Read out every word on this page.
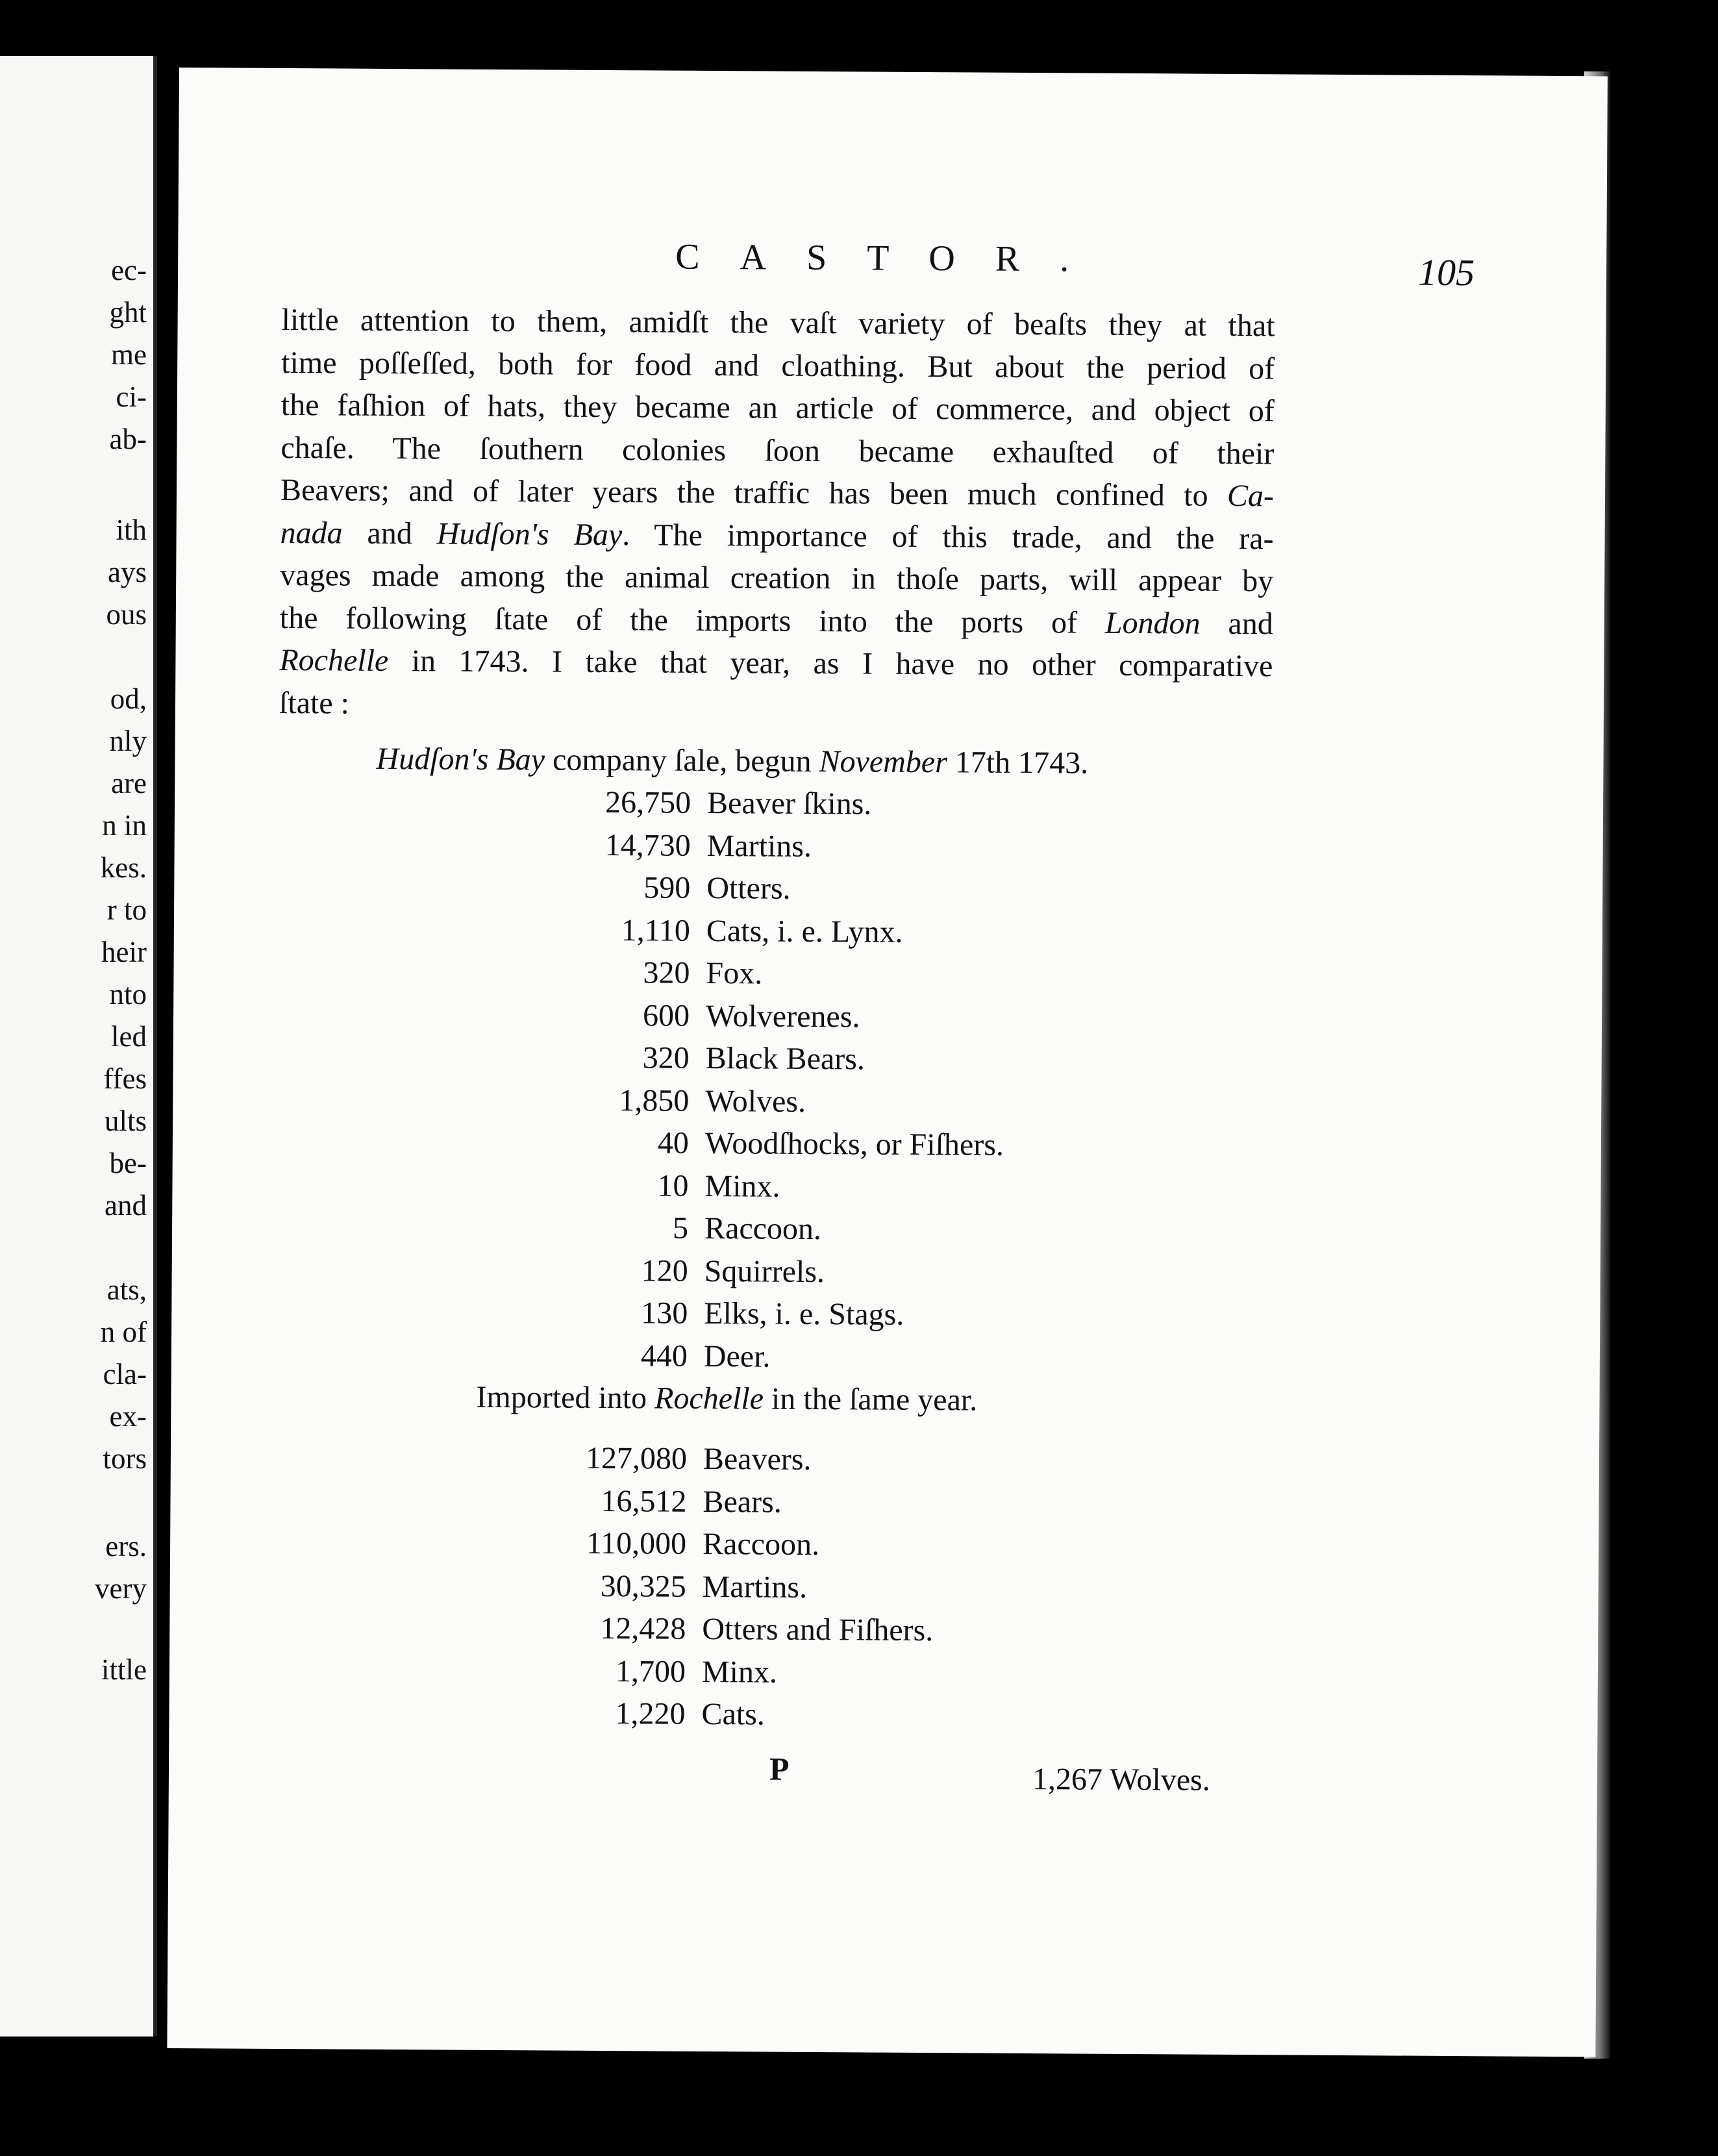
ec-
ght
me
ci-
ab-
ith
ays
ous
od,
nly
are
n in
kes.
r to
heir
nto
led
ffes
ults
be-
and
ats,
n of
cla-
ex-
tors
ers.
very
ittle
CASTOR.	105
little attention to them, amidſt the vaſt variety of beaſts they at that
time poſſeſſed, both for food and cloathing. But about the period of
the faſhion of hats, they became an article of commerce, and object of
chaſe. The ſouthern colonies ſoon became exhauſted of their
Beavers; and of later years the traffic has been much confined to Ca-
nada and Hudſon's Bay. The importance of this trade, and the ra-
vages made among the animal creation in thoſe parts, will appear by
the following ſtate of the imports into the ports of London and
Rochelle in 1743. I take that year, as I have no other comparative
ſtate :
Hudſon's Bay company ſale, begun November 17th 1743.
26,750 Beaver ſkins.
14,730 Martins.
590 Otters.
1,110 Cats, i. e. Lynx.
320 Fox.
600 Wolverenes.
320 Black Bears.
1,850 Wolves.
40 Woodſhocks, or Fiſhers.
10 Minx.
5 Raccoon.
120 Squirrels.
130 Elks, i. e. Stags.
440 Deer.
Imported into Rochelle in the ſame year.
127,080 Beavers.
16,512 Bears.
110,000 Raccoon.
30,325 Martins.
12,428 Otters and Fiſhers.
1,700 Minx.
1,220 Cats.
P	1,267 Wolves.
